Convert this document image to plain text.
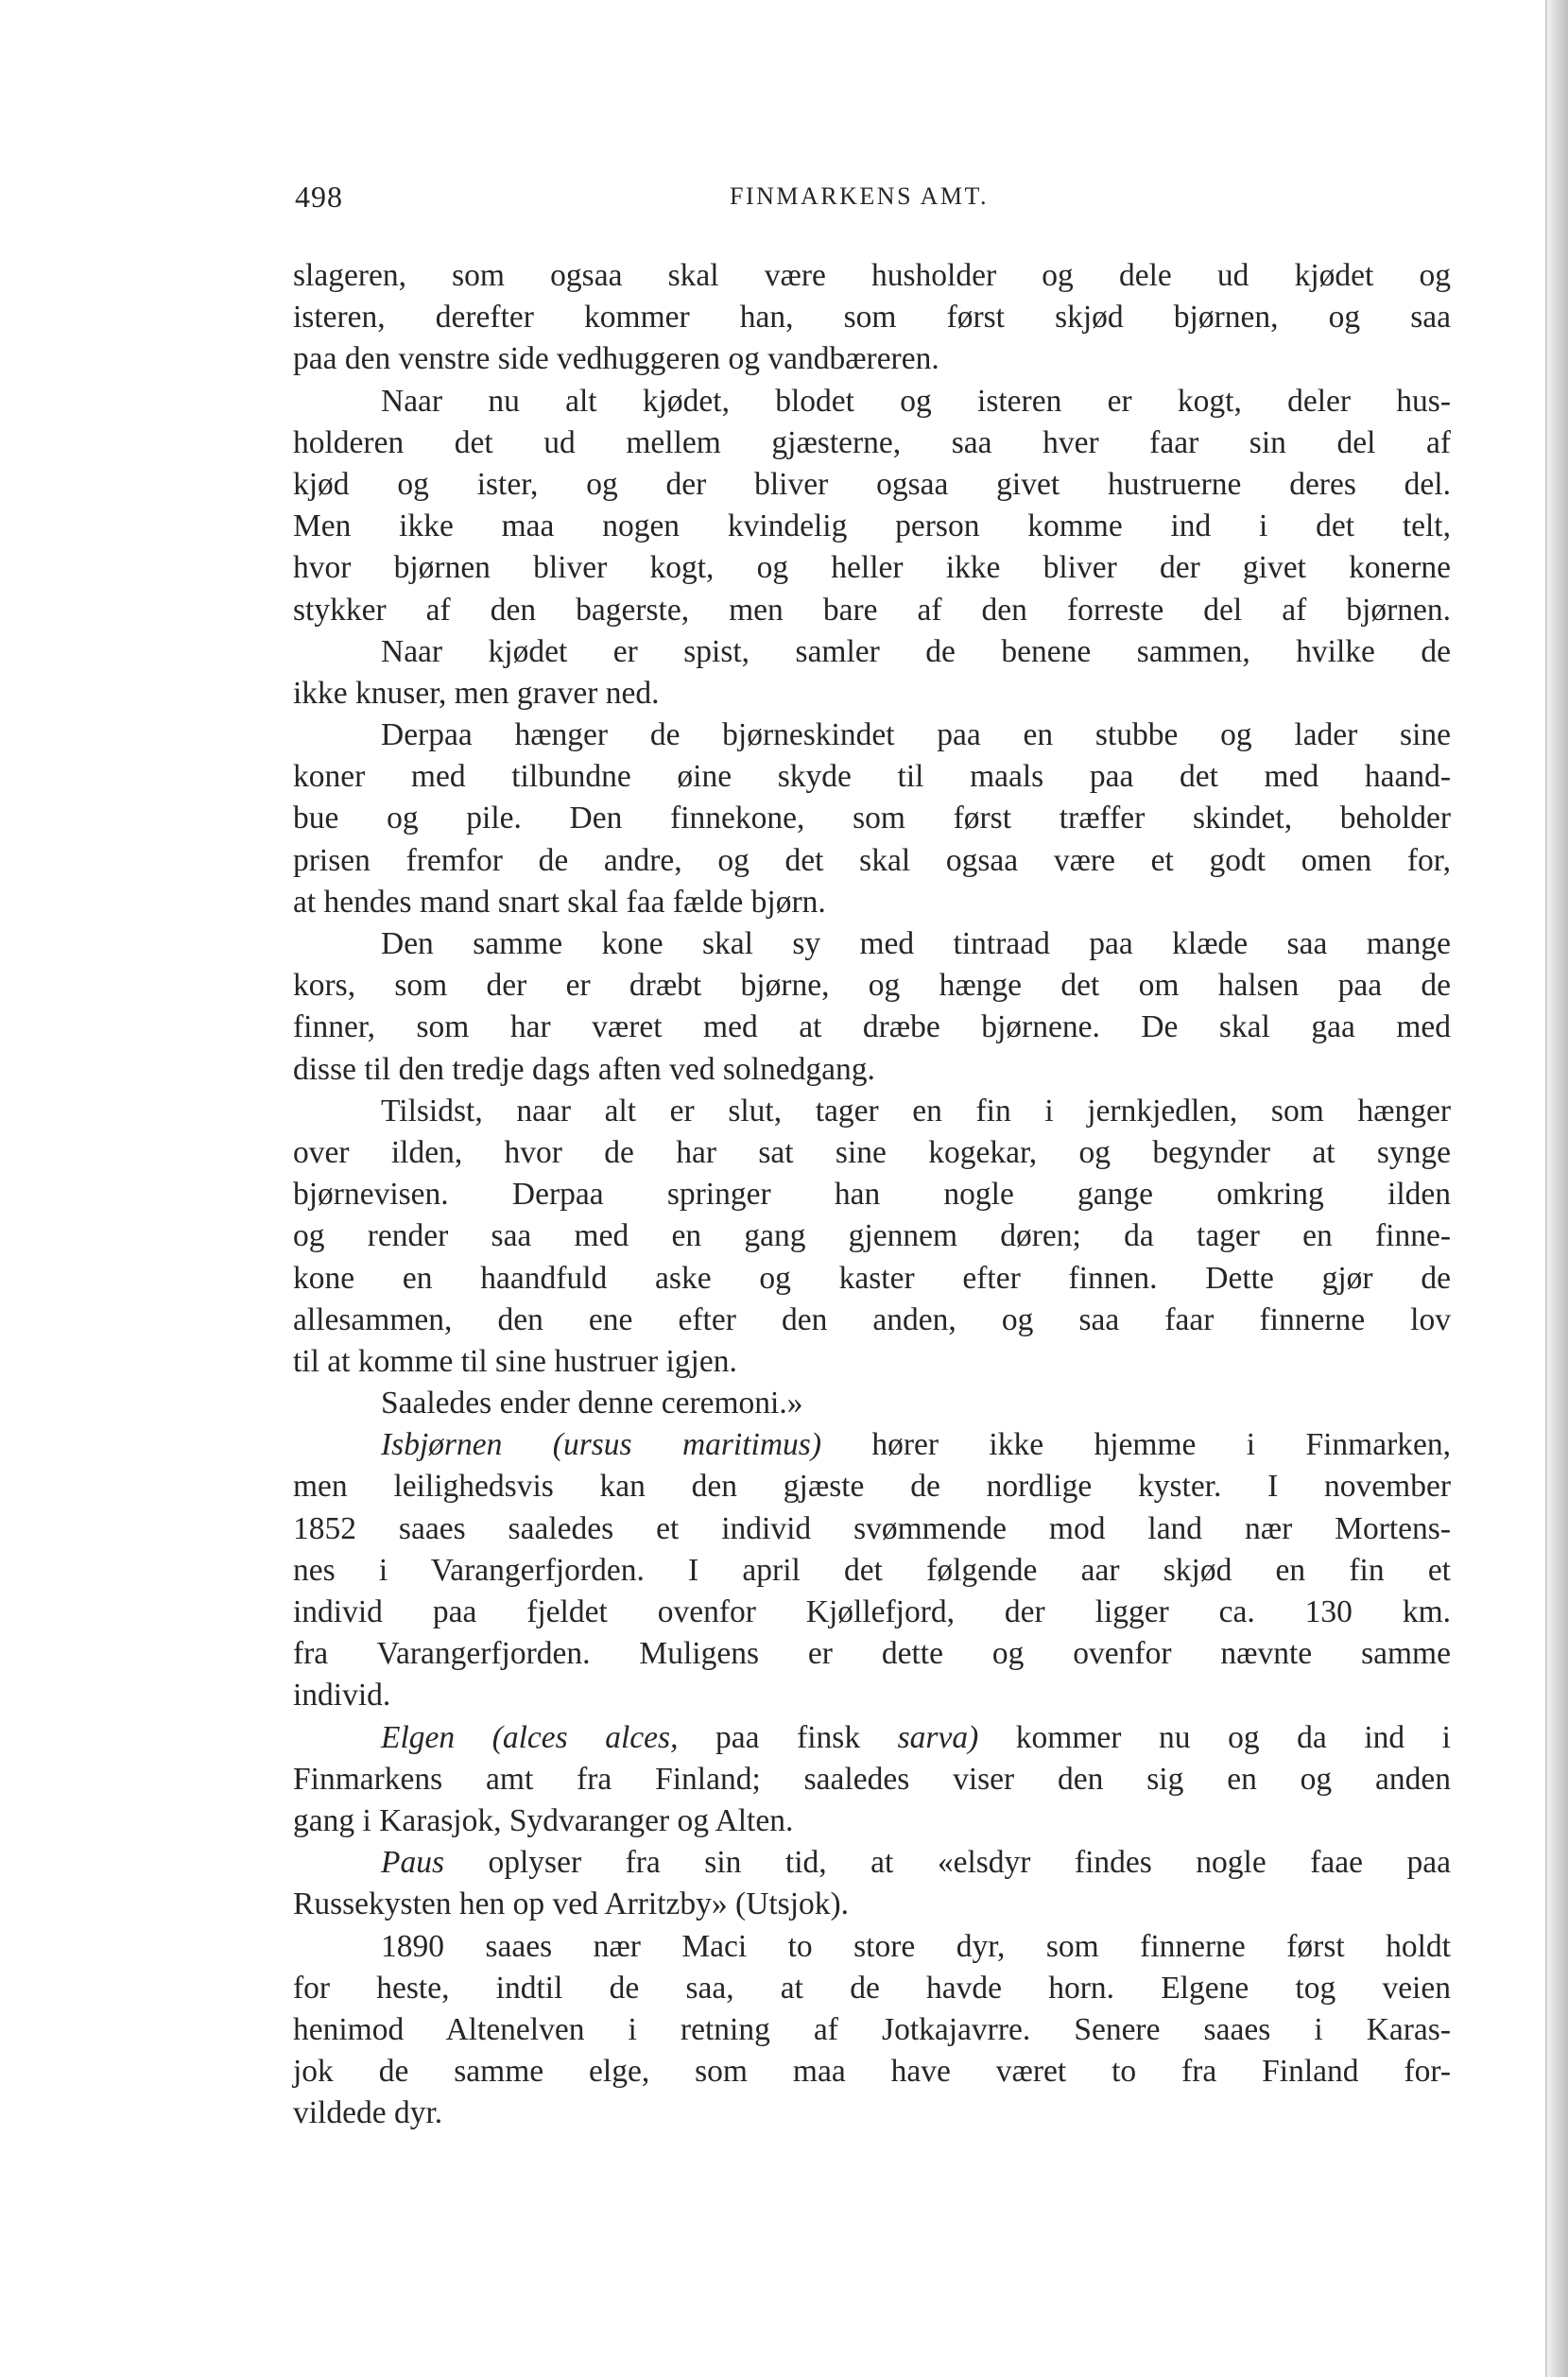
498	FINMARKENS AMT.
slageren, som ogsaa skal være husholder og dele ud kjødet og
isteren, derefter kommer han, som først skjød bjørnen, og saa
paa den venstre side vedhuggeren og vandbæreren.
Naar nu alt kjødet, blodet og isteren er kogt, deler hus-
holderen det ud mellem gjæsterne, saa hver faar sin del af
kjød og ister, og der bliver ogsaa givet hustruerne deres del.
Men ikke maa nogen kvindelig person komme ind i det telt,
hvor bjørnen bliver kogt, og heller ikke bliver der givet konerne
stykker af den bagerste, men bare af den forreste del af bjørnen.
Naar kjødet er spist, samler de benene sammen, hvilke de
ikke knuser, men graver ned.
Derpaa hænger de bjørneskindet paa en stubbe og lader sine
koner med tilbundne øine skyde til maals paa det med haand-
bue og pile. Den finnekone, som først træffer skindet, beholder
prisen fremfor de andre, og det skal ogsaa være et godt omen for,
at hendes mand snart skal faa fælde bjørn.
Den samme kone skal sy med tintraad paa klæde saa mange
kors, som der er dræbt bjørne, og hænge det om halsen paa de
finner, som har været med at dræbe bjørnene. De skal gaa med
disse til den tredje dags aften ved solnedgang.
Tilsidst, naar alt er slut, tager en fin i jernkjedlen, som hænger
over ilden, hvor de har sat sine kogekar, og begynder at synge
bjørnevisen. Derpaa springer han nogle gange omkring ilden
og render saa med en gang gjennem døren; da tager en finne-
kone en haandfuld aske og kaster efter finnen. Dette gjør de
allesammen, den ene efter den anden, og saa faar finnerne lov
til at komme til sine hustruer igjen.
Saaledes ender denne ceremoni.»
Isbjørnen (ursus maritimus) hører ikke hjemme i Finmarken,
men leilighedsvis kan den gjæste de nordlige kyster. I november
1852 saaes saaledes et individ svømmende mod land nær Mortens-
nes i Varangerfjorden. I april det følgende aar skjød en fin et
individ paa fjeldet ovenfor Kjøllefjord, der ligger ca. 130 km.
fra Varangerfjorden. Muligens er dette og ovenfor nævnte samme
individ.
Elgen (alces alces, paa finsk sarva) kommer nu og da ind i
Finmarkens amt fra Finland; saaledes viser den sig en og anden
gang i Karasjok, Sydvaranger og Alten.
Paus oplyser fra sin tid, at «elsdyr findes nogle faae paa
Russekysten hen op ved Arritzby» (Utsjok).
1890 saaes nær Maci to store dyr, som finnerne først holdt
for heste, indtil de saa, at de havde horn. Elgene tog veien
henimod Altenelven i retning af Jotkajavrre. Senere saaes i Karas-
jok de samme elge, som maa have været to fra Finland for-
vildede dyr.
